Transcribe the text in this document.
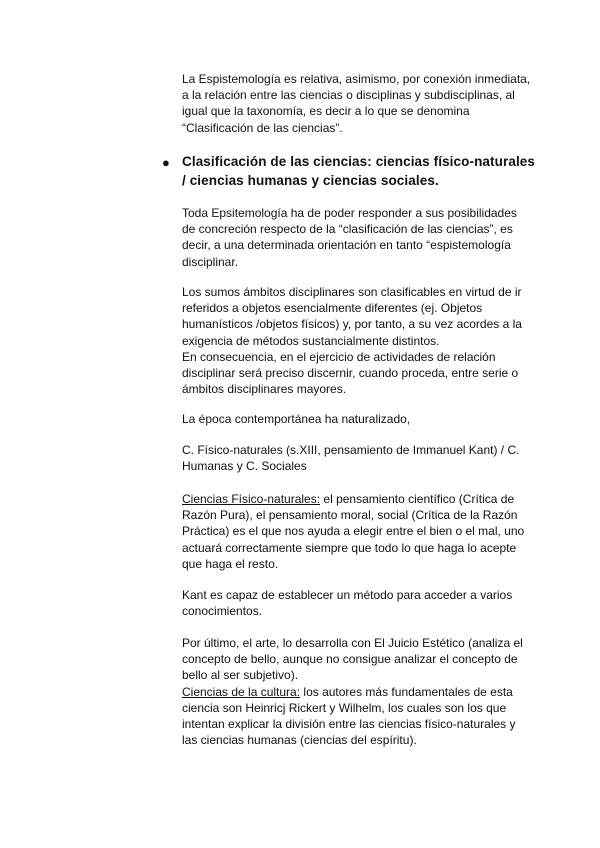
La Espistemología es relativa, asimismo, por conexión inmediata, a la relación entre las ciencias o disciplinas y subdisciplinas, al igual que la taxonomía, es decir a lo que se denomina “Clasificación de las ciencias”.

● Clasificación de las ciencias: ciencias físico-naturales / ciencias humanas y ciencias sociales.

Toda Epsitemología ha de poder responder a sus posibilidades de concreción respecto de la “clasificación de las ciencias”, es decir, a una determinada orientación en tanto “espistemología disciplinar.

Los sumos ámbitos disciplinares son clasificables en virtud de ir referidos a objetos esencialmente diferentes (ej. Objetos humanísticos /objetos físicos) y, por tanto, a su vez acordes a la exigencia de métodos sustancialmente distintos.

En consecuencia, en el ejercicio de actividades de relación disciplinar será preciso discernir, cuando proceda, entre serie o ámbitos disciplinares mayores.

La época contemportánea ha naturalizado,

C. Físico-naturales (s.XIII, pensamiento de Immanuel Kant) / C. Humanas y C. Sociales

Ciencias Físico-naturales: el pensamiento científico (Crítica de Razón Pura), el pensamiento moral, social (Crítica de la Razón Práctica) es el que nos ayuda a elegir entre el bien o el mal, uno actuará correctamente siempre que todo lo que haga lo acepte que haga el resto.

Kant es capaz de establecer un método para acceder a varios conocimientos.

Por último, el arte, lo desarrolla con El Juicio Estético (analiza el concepto de bello, aunque no consigue analizar el concepto de bello al ser subjetivo).

Ciencias de la cultura: los autores más fundamentales de esta ciencia son Heinricj Rickert y Wilhelm, los cuales son los que intentan explicar la división entre las ciencias físico-naturales y las ciencias humanas (ciencias del espíritu).
